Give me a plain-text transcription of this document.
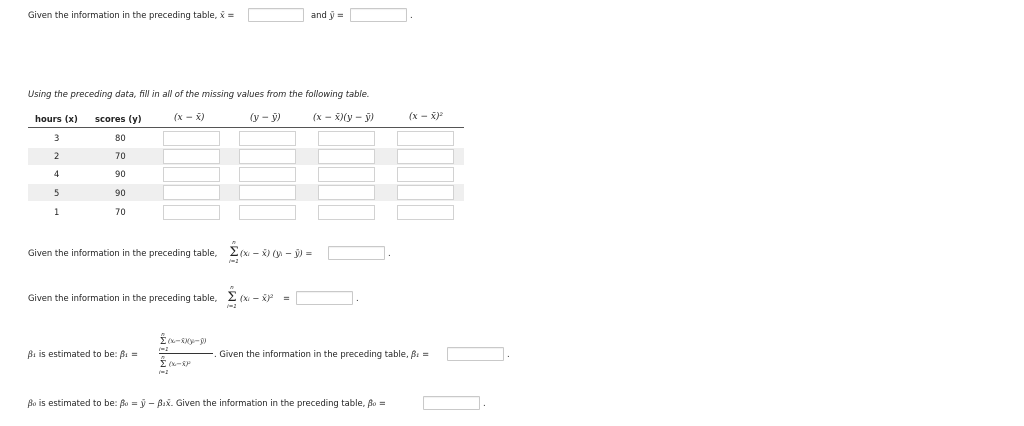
Given the information in the preceding table, x̄ =	and ȳ =	.
Using the preceding data, fill in all of the missing values from the following table.
hours (x) scores (y)	(x − x̄)	(y − ȳ)	(x − x̄)(y − ȳ)	(x − x̄)²
3	80
2	70
4	90
5	90
1	70
Given the information in the preceding table,
n
Σ
i=1
(xᵢ − x̄) (yᵢ − ȳ) =	.
Given the information in the preceding table,
n
Σ
i=1
(xᵢ − x̄)² =	.
β₁ is estimated to be: β̂₁ =
n
Σ
i=1
(xᵢ−x̄)(yᵢ−ȳ)
n
Σ
i=1
(xᵢ−x̄)²
. Given the information in the preceding table, β̂₁ =	.
β₀ is estimated to be: β̂₀ = ȳ − β̂₁x̄. Given the information in the preceding table, β̂₀ =	.
